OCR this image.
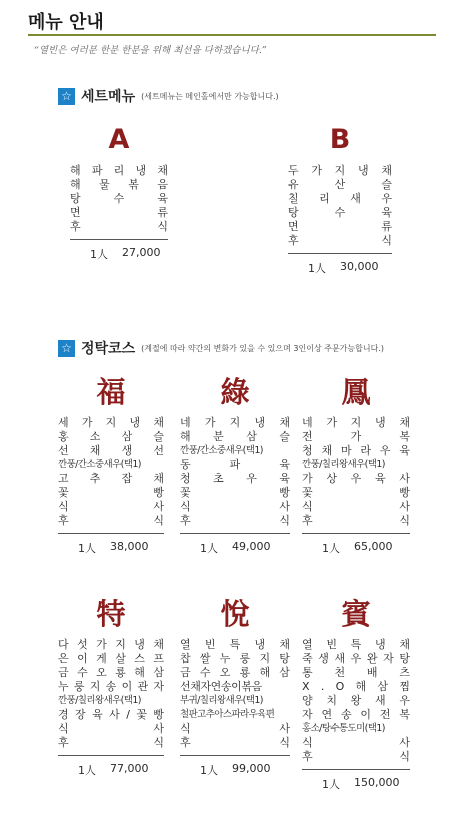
메뉴 안내
“열빈은 여러분 한분 한분을 위해 최선을 다하겠습니다.”
☆ 세트메뉴 (세트메뉴는 메인홀에서만 가능합니다.)
A
해 파 리 냉 채
해 물 볶 음
탕	수	육
면	류
후	식
1人 27,000
B
두 가 지 냉 채
유	산	슬
칠 리 새 우
탕	수	육
면	류
후	식
1人 30,000
☆ 정탁코스 (계절에 따라 약간의 변화가 있을 수 있으며 3인이상 주문가능합니다.)
福
세 가 지 냉 채
홍 소 삼 슬
선 채 생 선
깐풍/간소중새우(택1)
고 추 잡 채
꽃	빵
식	사
후	식
1人 38,000
綠
네 가 지 냉 채
해 분 삼 슬
깐풍/간소중새우(택1)
동	파	육
청 초 우 육
꽃	빵
식	사
후	식
1人 49,000
鳳
네 가 지 냉 채
전	가	복
청 채 마 라 우 육
깐풍/칠리왕새우(택1)
가 상 우 육 사
꽃	빵
식	사
후	식
1人 65,000
特
다 섯 가 지 냉 채
은 이 게 살 스 프
금 수 오 룡 해 삼
누 룽 지 송 이 관 자
깐풍/칠리왕새우(택1)
경 장 육 사 / 꽃 빵
식	사
후	식
1人 77,000
悅
열 빈 특 냉 채
찹 쌀 누 룽 지 탕
금 수 오 룡 해 삼
선채자연송이볶음
부귀/칠리왕새우(택1)
철판고추아스파라우육편
식	사
후	식
1人 99,000
賓
열 빈 특 냉 채
죽 생 새 우 완 자 탕
통 천 배 츠
X . O 해 삼 찜
양 치 왕 새 우
자 연 송 이 전 복
홍소/탕수통도미(택1)
식	사
후	식
1人 150,000
